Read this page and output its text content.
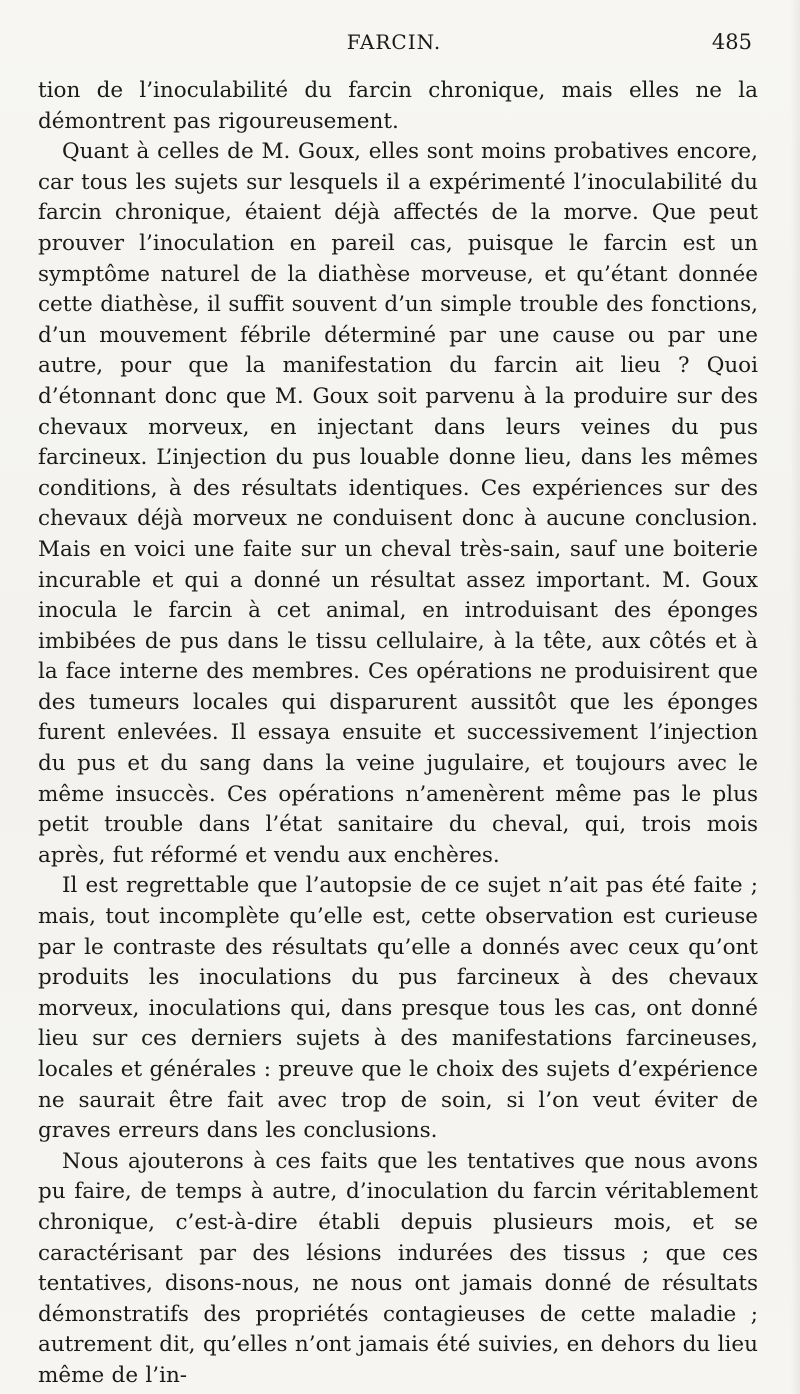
FARCIN.	485

tion de l’inoculabilité du farcin chronique, mais elles ne la démontrent pas rigoureusement.

Quant à celles de M. Goux, elles sont moins probatives encore, car tous les sujets sur lesquels il a expérimenté l’inoculabilité du farcin chronique, étaient déjà affectés de la morve. Que peut prouver l’inoculation en pareil cas, puisque le farcin est un symptôme naturel de la diathèse morveuse, et qu’étant donnée cette diathèse, il suffit souvent d’un simple trouble des fonctions, d’un mouvement fébrile déterminé par une cause ou par une autre, pour que la manifestation du farcin ait lieu ? Quoi d’étonnant donc que M. Goux soit parvenu à la produire sur des chevaux morveux, en injectant dans leurs veines du pus farcineux. L’injection du pus louable donne lieu, dans les mêmes conditions, à des résultats identiques. Ces expériences sur des chevaux déjà morveux ne conduisent donc à aucune conclusion. Mais en voici une faite sur un cheval très-sain, sauf une boiterie incurable et qui a donné un résultat assez important. M. Goux inocula le farcin à cet animal, en introduisant des éponges imbibées de pus dans le tissu cellulaire, à la tête, aux côtés et à la face interne des membres. Ces opérations ne produisirent que des tumeurs locales qui disparurent aussitôt que les éponges furent enlevées. Il essaya ensuite et successivement l’injection du pus et du sang dans la veine jugulaire, et toujours avec le même insuccès. Ces opérations n’amenèrent même pas le plus petit trouble dans l’état sanitaire du cheval, qui, trois mois après, fut réformé et vendu aux enchères.

Il est regrettable que l’autopsie de ce sujet n’ait pas été faite ; mais, tout incomplète qu’elle est, cette observation est curieuse par le contraste des résultats qu’elle a donnés avec ceux qu’ont produits les inoculations du pus farcineux à des chevaux morveux, inoculations qui, dans presque tous les cas, ont donné lieu sur ces derniers sujets à des manifestations farcineuses, locales et générales : preuve que le choix des sujets d’expérience ne saurait être fait avec trop de soin, si l’on veut éviter de graves erreurs dans les conclusions.

Nous ajouterons à ces faits que les tentatives que nous avons pu faire, de temps à autre, d’inoculation du farcin véritablement chronique, c’est-à-dire établi depuis plusieurs mois, et se caractérisant par des lésions indurées des tissus ; que ces tentatives, disons-nous, ne nous ont jamais donné de résultats démonstratifs des propriétés contagieuses de cette maladie ; autrement dit, qu’elles n’ont jamais été suivies, en dehors du lieu même de l’in-
